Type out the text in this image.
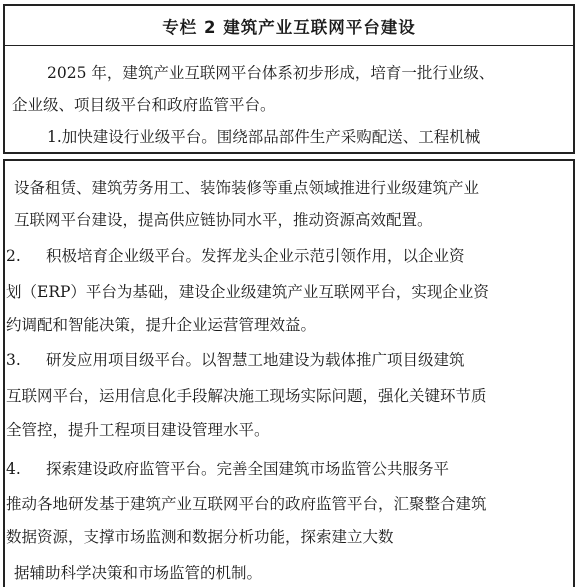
专栏 2 建筑产业互联网平台建设
2025 年，建筑产业互联网平台体系初步形成，培育一批行业级、
企业级、项目级平台和政府监管平台。
1.加快建设行业级平台。围绕部品部件生产采购配送、工程机械
设备租赁、建筑劳务用工、装饰装修等重点领域推进行业级建筑产业
互联网平台建设，提高供应链协同水平，推动资源高效配置。
2. 积极培育企业级平台。发挥龙头企业示范引领作用，以企业资
划（ERP）平台为基础，建设企业级建筑产业互联网平台，实现企业资
约调配和智能决策，提升企业运营管理效益。
3. 研发应用项目级平台。以智慧工地建设为载体推广项目级建筑
互联网平台，运用信息化手段解决施工现场实际问题，强化关键环节质
全管控，提升工程项目建设管理水平。
4. 探索建设政府监管平台。完善全国建筑市场监管公共服务平
推动各地研发基于建筑产业互联网平台的政府监管平台，汇聚整合建筑
数据资源，支撑市场监测和数据分析功能，探索建立大数
据辅助科学决策和市场监管的机制。
